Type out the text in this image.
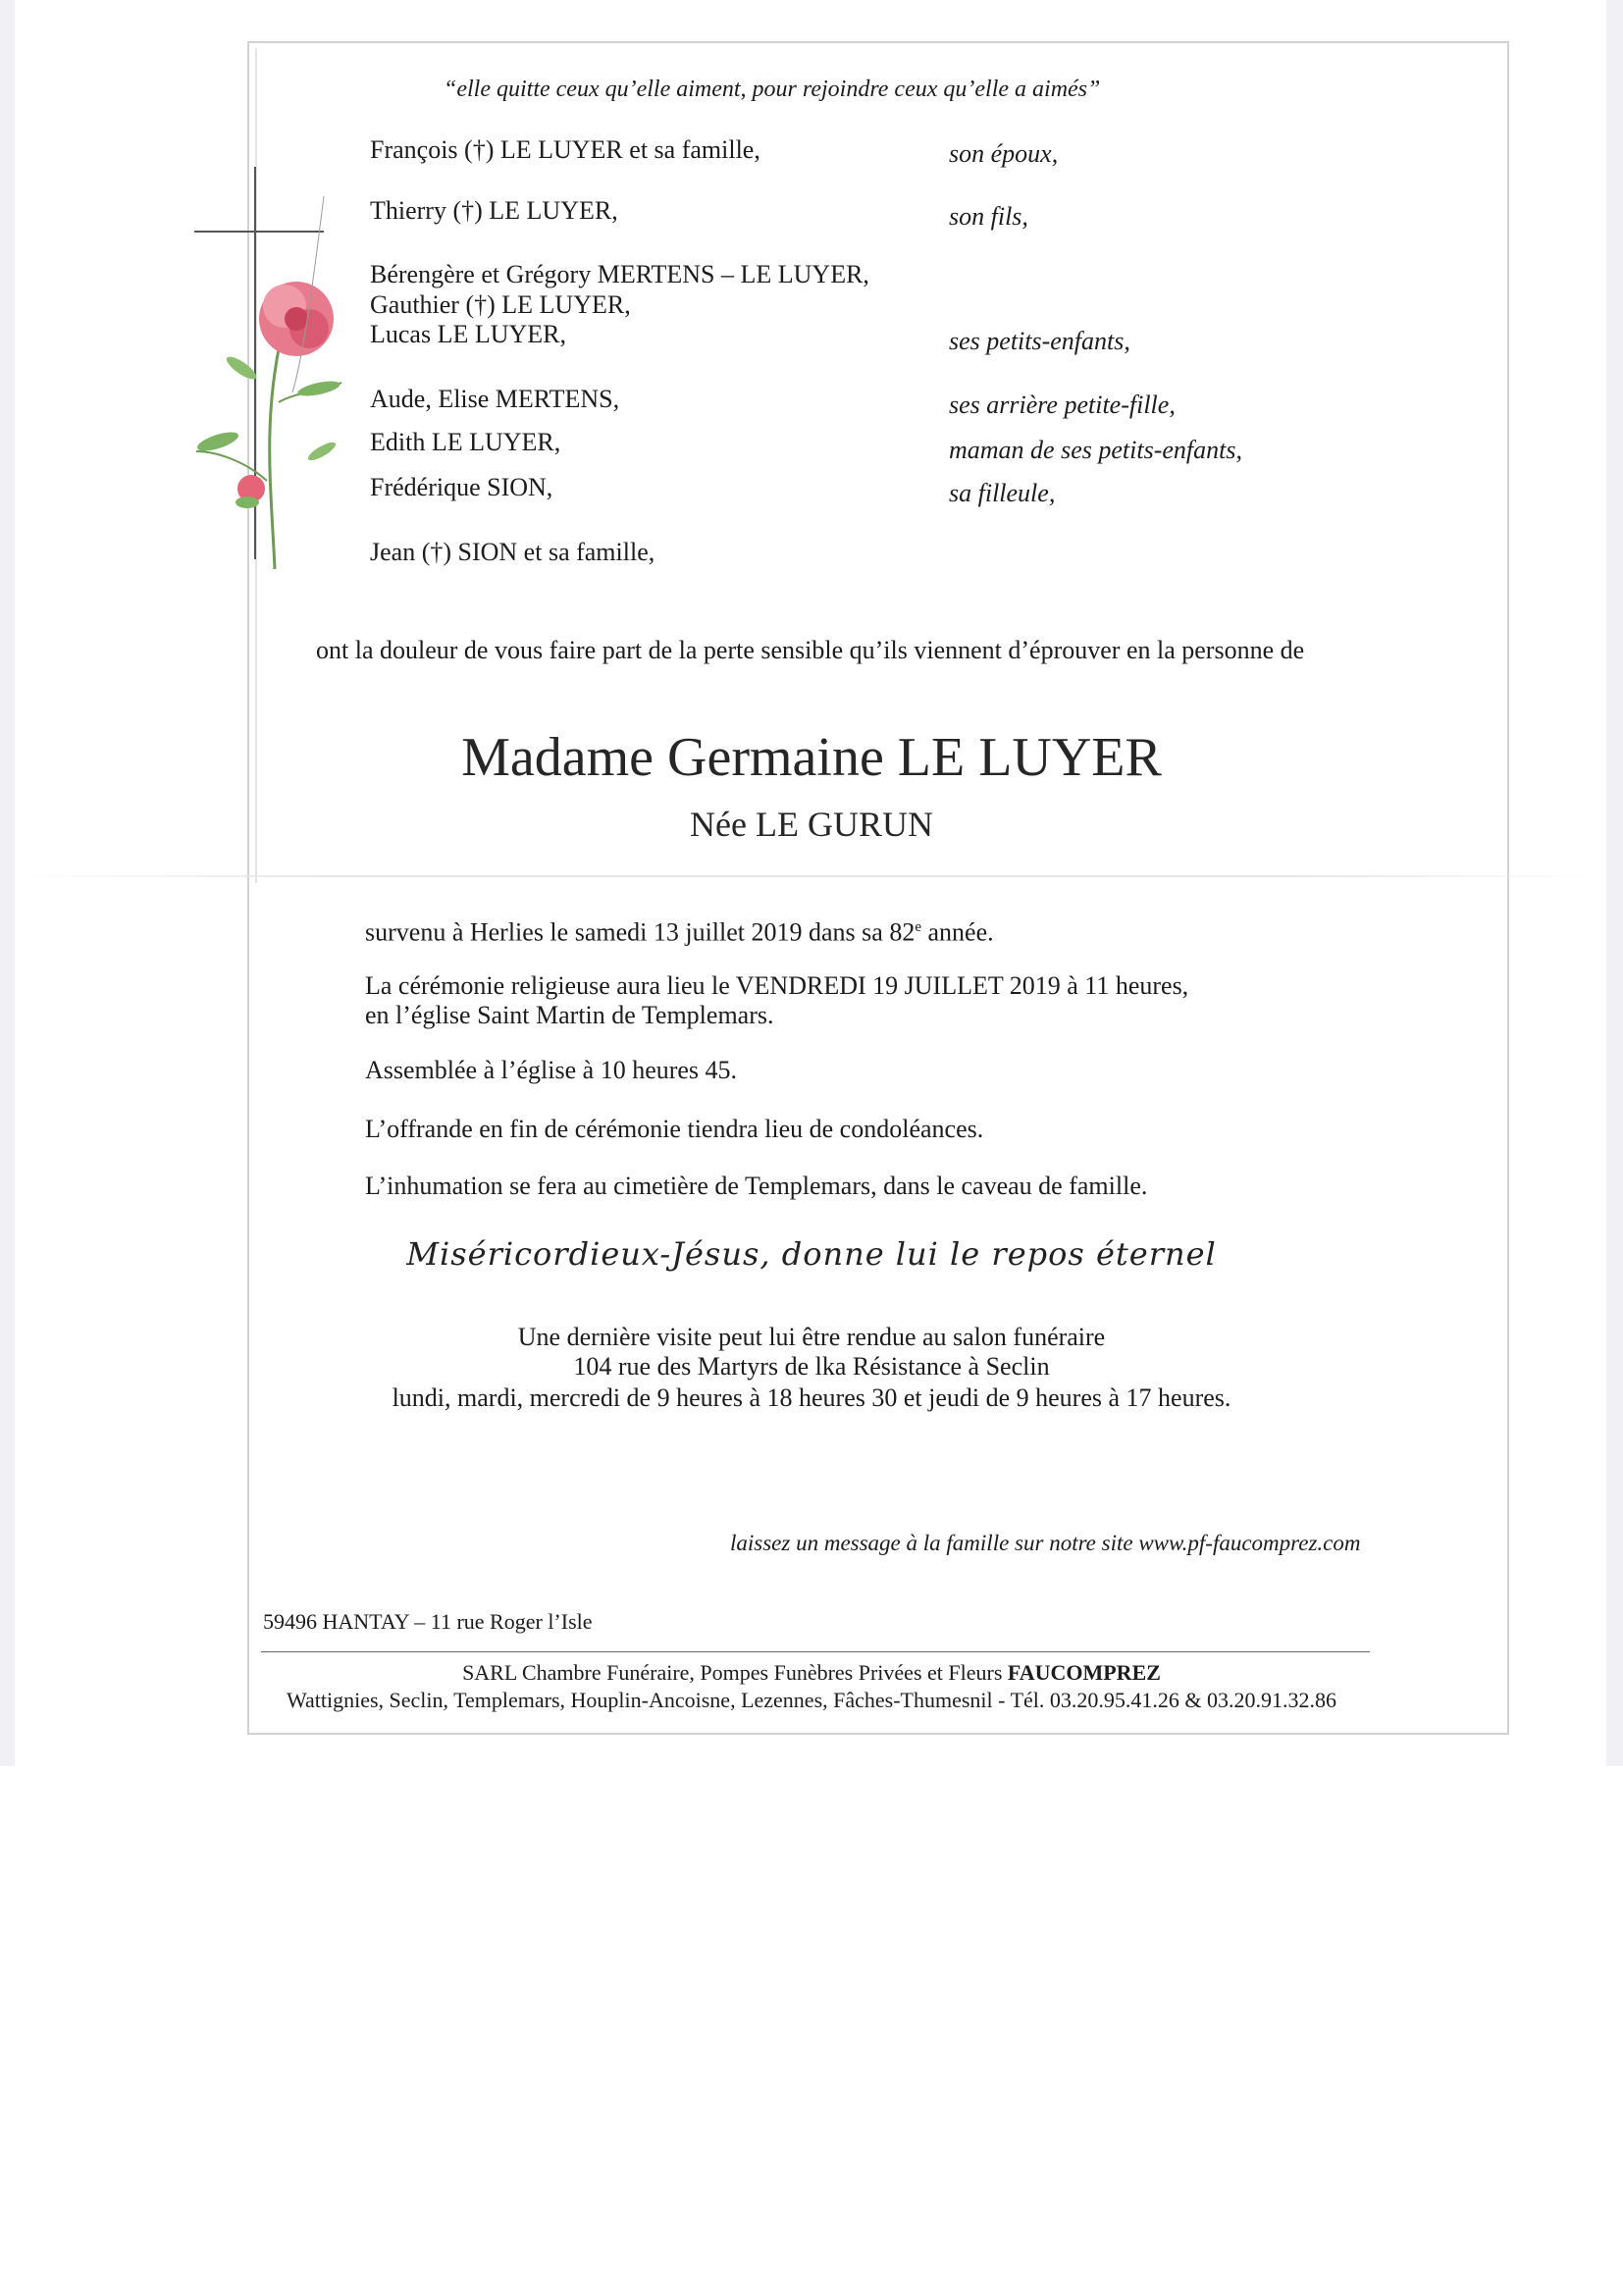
“elle quitte ceux qu’elle aiment, pour rejoindre ceux qu’elle a aimés”
François (†) LE LUYER et sa famille,	son époux,
Thierry (†) LE LUYER,	son fils,
Bérengère et Grégory MERTENS – LE LUYER,
Gauthier (†) LE LUYER,
Lucas LE LUYER,	ses petits-enfants,
Aude, Elise MERTENS,	ses arrière petite-fille,
Edith LE LUYER,	maman de ses petits-enfants,
Frédérique SION,	sa filleule,
Jean (†) SION et sa famille,
ont la douleur de vous faire part de la perte sensible qu’ils viennent d’éprouver en la personne de
Madame Germaine LE LUYER
Née LE GURUN
survenu à Herlies le samedi 13 juillet 2019 dans sa 82e année.
La cérémonie religieuse aura lieu le VENDREDI 19 JUILLET 2019 à 11 heures,
en l’église Saint Martin de Templemars.
Assemblée à l’église à 10 heures 45.
L’offrande en fin de cérémonie tiendra lieu de condoléances.
L’inhumation se fera au cimetière de Templemars, dans le caveau de famille.
Miséricordieux-Jésus, donne lui le repos éternel
Une dernière visite peut lui être rendue au salon funéraire
104 rue des Martyrs de lka Résistance à Seclin
lundi, mardi, mercredi de 9 heures à 18 heures 30 et jeudi de 9 heures à 17 heures.
laissez un message à la famille sur notre site www.pf-faucomprez.com
59496 HANTAY – 11 rue Roger l’Isle
SARL Chambre Funéraire, Pompes Funèbres Privées et Fleurs FAUCOMPREZ
Wattignies, Seclin, Templemars, Houplin-Ancoisne, Lezennes, Fâches-Thumesnil - Tél. 03.20.95.41.26 & 03.20.91.32.86
